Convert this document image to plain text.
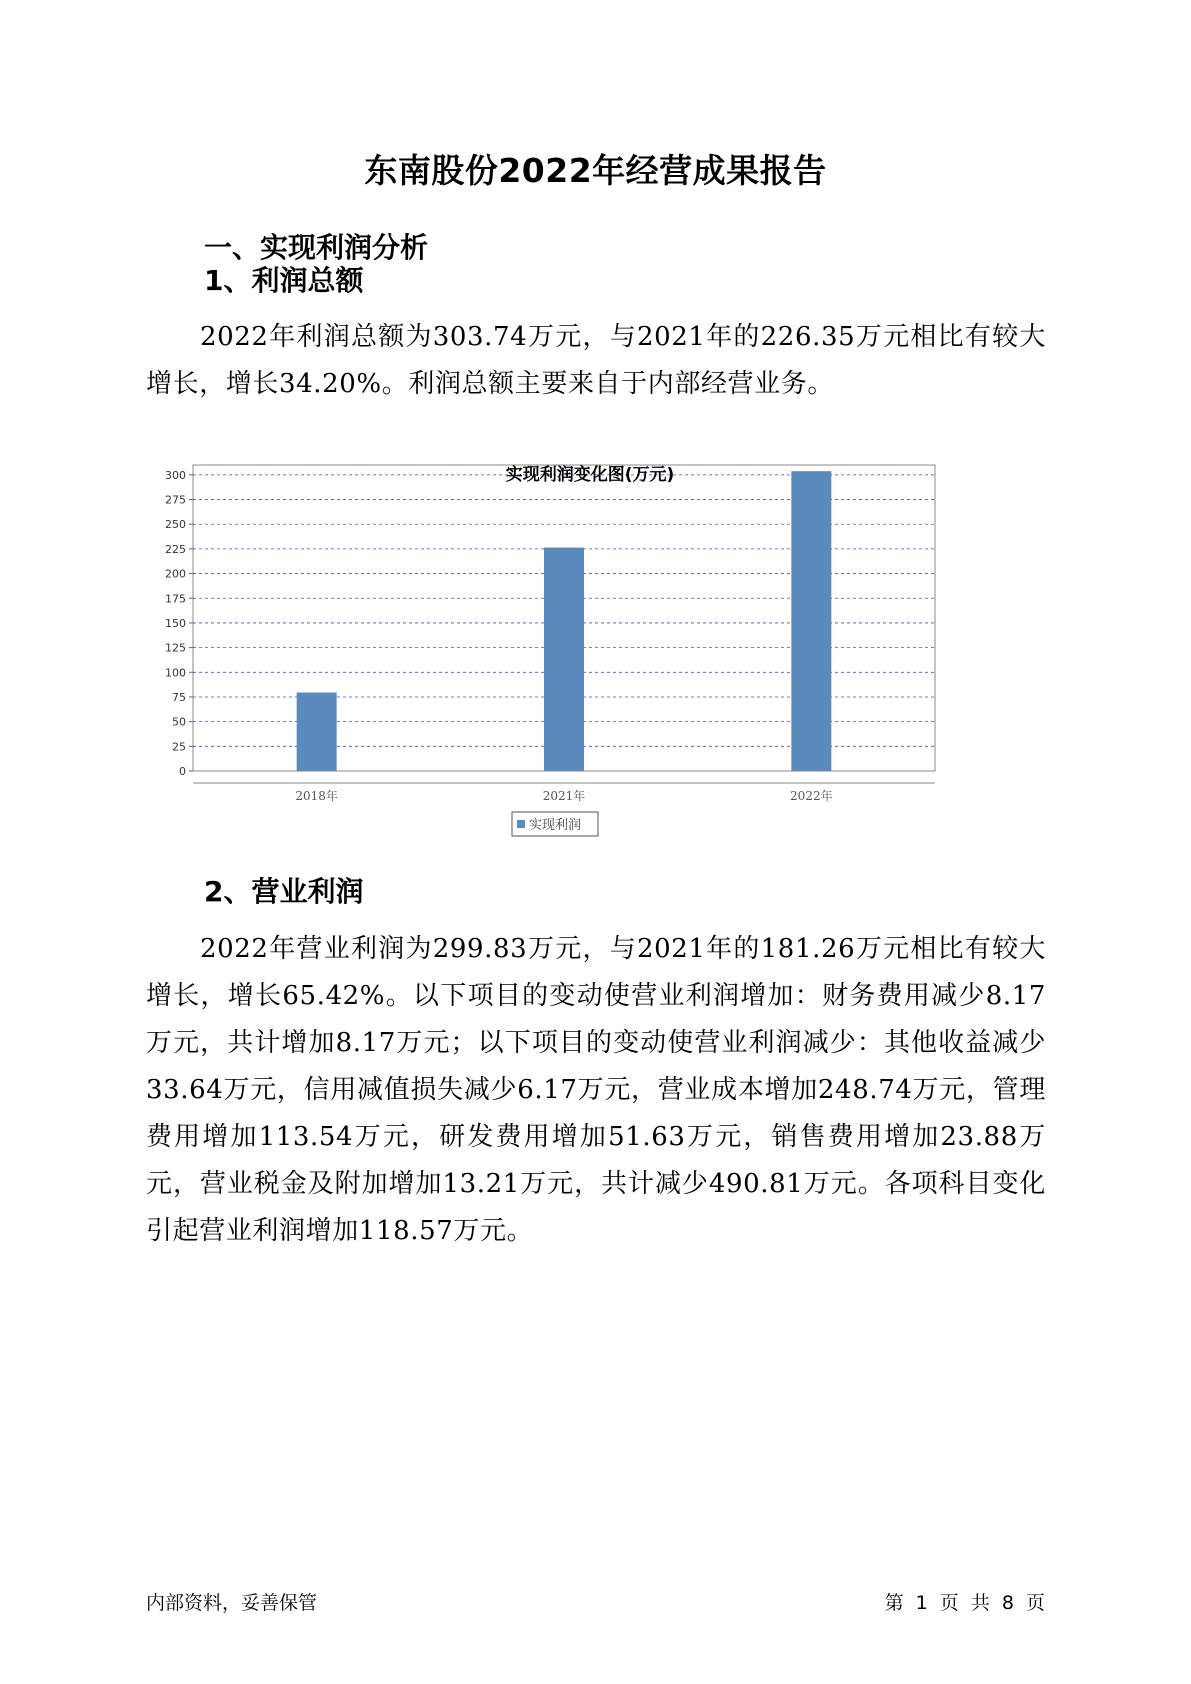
东南股份2022年经营成果报告
一、实现利润分析
1、利润总额
2022年利润总额为303.74万元，与2021年的226.35万元相比有较大增长，增长34.20%。利润总额主要来自于内部经营业务。
实现利润变化图(万元)
0
25
50
75
100
125
150
175
200
225
250
275
300
2018年	2021年	2022年
实现利润
2、营业利润
2022年营业利润为299.83万元，与2021年的181.26万元相比有较大增长，增长65.42%。以下项目的变动使营业利润增加：财务费用减少8.17万元，共计增加8.17万元；以下项目的变动使营业利润减少：其他收益减少33.64万元，信用减值损失减少6.17万元，营业成本增加248.74万元，管理费用增加113.54万元，研发费用增加51.63万元，销售费用增加23.88万元，营业税金及附加增加13.21万元，共计减少490.81万元。各项科目变化引起营业利润增加118.57万元。
内部资料，妥善保管	第 1 页 共 8 页
